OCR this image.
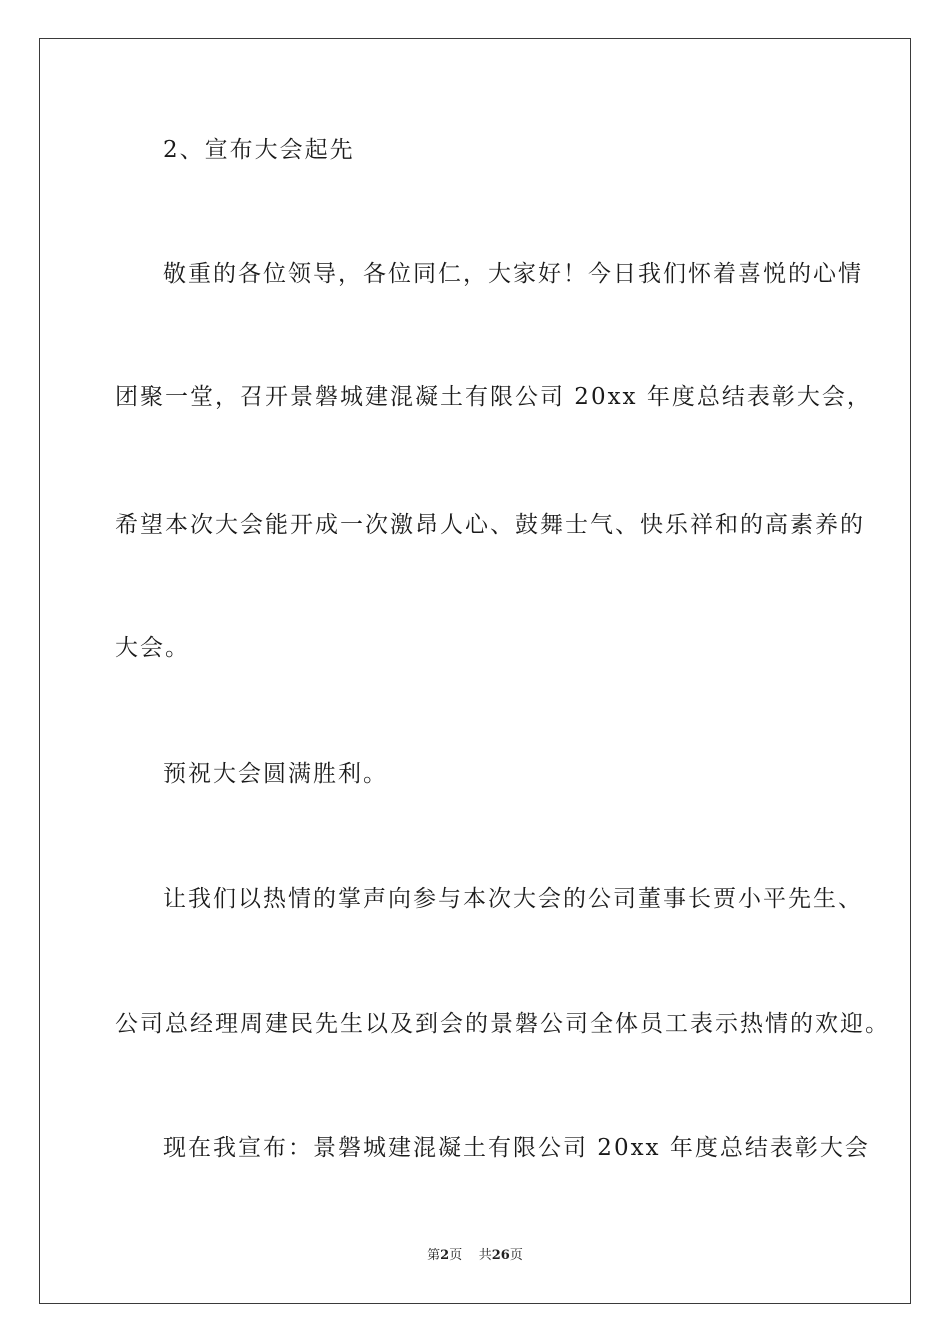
2、宣布大会起先
敬重的各位领导，各位同仁，大家好！今日我们怀着喜悦的心情
团聚一堂，召开景磐城建混凝土有限公司 20xx 年度总结表彰大会，
希望本次大会能开成一次激昂人心、鼓舞士气、快乐祥和的高素养的
大会。
预祝大会圆满胜利。
让我们以热情的掌声向参与本次大会的公司董事长贾小平先生、
公司总经理周建民先生以及到会的景磐公司全体员工表示热情的欢迎。
现在我宣布：景磐城建混凝土有限公司 20xx 年度总结表彰大会
第2页 共26页
